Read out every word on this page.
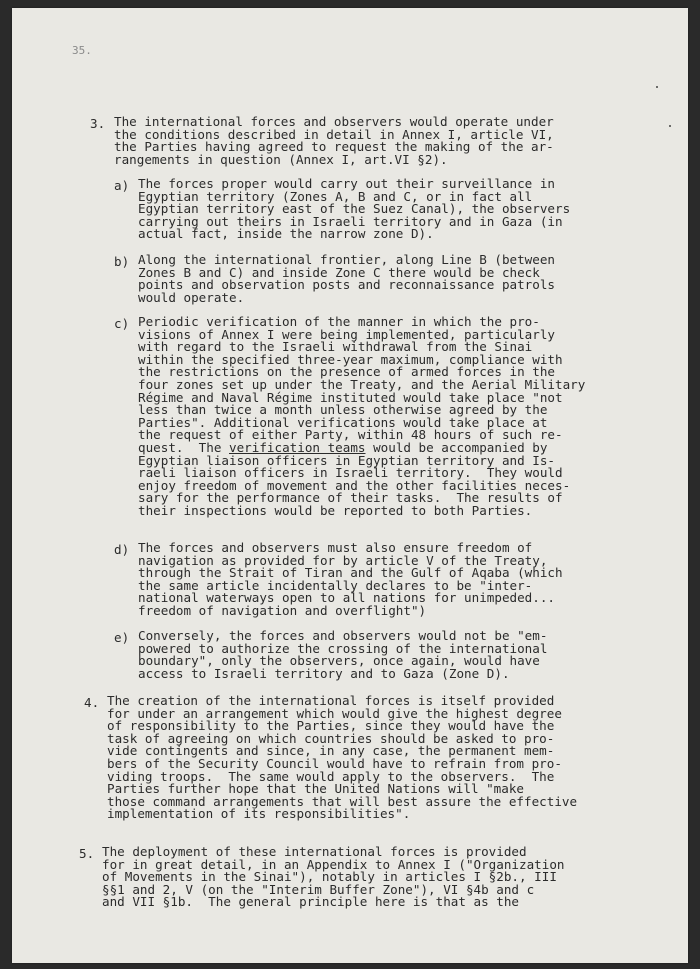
35.
3. The international forces and observers would operate under
the conditions described in detail in Annex I, article VI,
the Parties having agreed to request the making of the ar-
rangements in question (Annex I, art.VI §2).
a) The forces proper would carry out their surveillance in
Egyptian territory (Zones A, B and C, or in fact all
Egyptian territory east of the Suez Canal), the observers
carrying out theirs in Israeli territory and in Gaza (in
actual fact, inside the narrow zone D).
b) Along the international frontier, along Line B (between
Zones B and C) and inside Zone C there would be check
points and observation posts and reconnaissance patrols
would operate.
c) Periodic verification of the manner in which the pro-
visions of Annex I were being implemented, particularly
with regard to the Israeli withdrawal from the Sinai
within the specified three-year maximum, compliance with
the restrictions on the presence of armed forces in the
four zones set up under the Treaty, and the Aerial Military
Régime and Naval Régime instituted would take place "not
less than twice a month unless otherwise agreed by the
Parties". Additional verifications would take place at
the request of either Party, within 48 hours of such re-
quest.  The verification teams would be accompanied by
Egyptian liaison officers in Egyptian territory and Is-
raeli liaison officers in Israeli territory.  They would
enjoy freedom of movement and the other facilities neces-
sary for the performance of their tasks.  The results of
their inspections would be reported to both Parties.
d) The forces and observers must also ensure freedom of
navigation as provided for by article V of the Treaty,
through the Strait of Tiran and the Gulf of Aqaba (which
the same article incidentally declares to be "inter-
national waterways open to all nations for unimpeded...
freedom of navigation and overflight")
e) Conversely, the forces and observers would not be "em-
powered to authorize the crossing of the international
boundary", only the observers, once again, would have
access to Israeli territory and to Gaza (Zone D).
4. The creation of the international forces is itself provided
for under an arrangement which would give the highest degree
of responsibility to the Parties, since they would have the
task of agreeing on which countries should be asked to pro-
vide contingents and since, in any case, the permanent mem-
bers of the Security Council would have to refrain from pro-
viding troops.  The same would apply to the observers.  The
Parties further hope that the United Nations will "make
those command arrangements that will best assure the effective
implementation of its responsibilities".
5. The deployment of these international forces is provided
for in great detail, in an Appendix to Annex I ("Organization
of Movements in the Sinai"), notably in articles I §2b., III
§§1 and 2, V (on the "Interim Buffer Zone"), VI §4b and c
and VII §1b.  The general principle here is that as the
